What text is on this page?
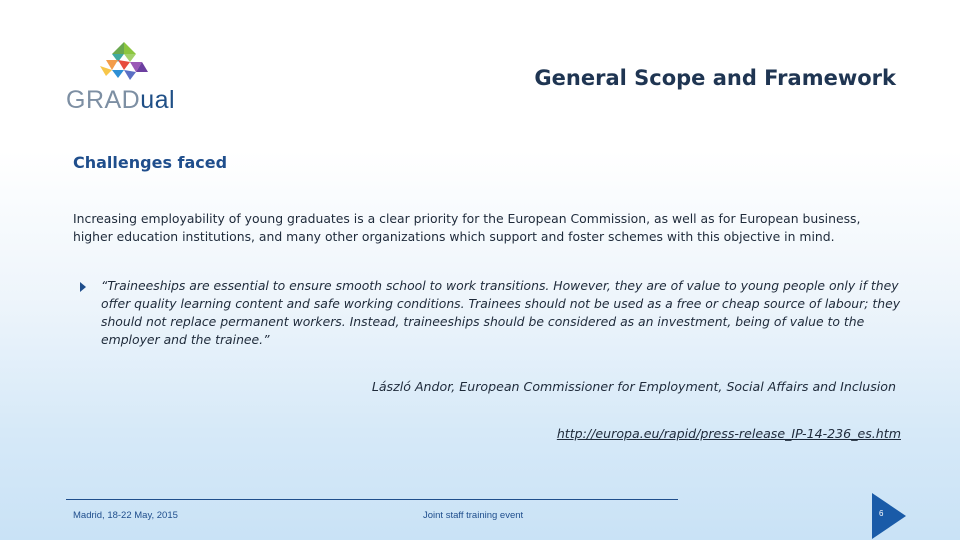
GRADual
General Scope and Framework
Challenges faced
Increasing employability of young graduates is a clear priority for the European Commission, as well as for European business, higher education institutions, and many other organizations which support and foster schemes with this objective in mind.
“Traineeships are essential to ensure smooth school to work transitions. However, they are of value to young people only if they offer quality learning content and safe working conditions. Trainees should not be used as a free or cheap source of labour; they should not replace permanent workers. Instead, traineeships should be considered as an investment, being of value to the employer and the trainee.”
László Andor, European Commissioner for Employment, Social Affairs and Inclusion
http://europa.eu/rapid/press-release_IP-14-236_es.htm
Madrid, 18-22 May, 2015	Joint staff training event	6
